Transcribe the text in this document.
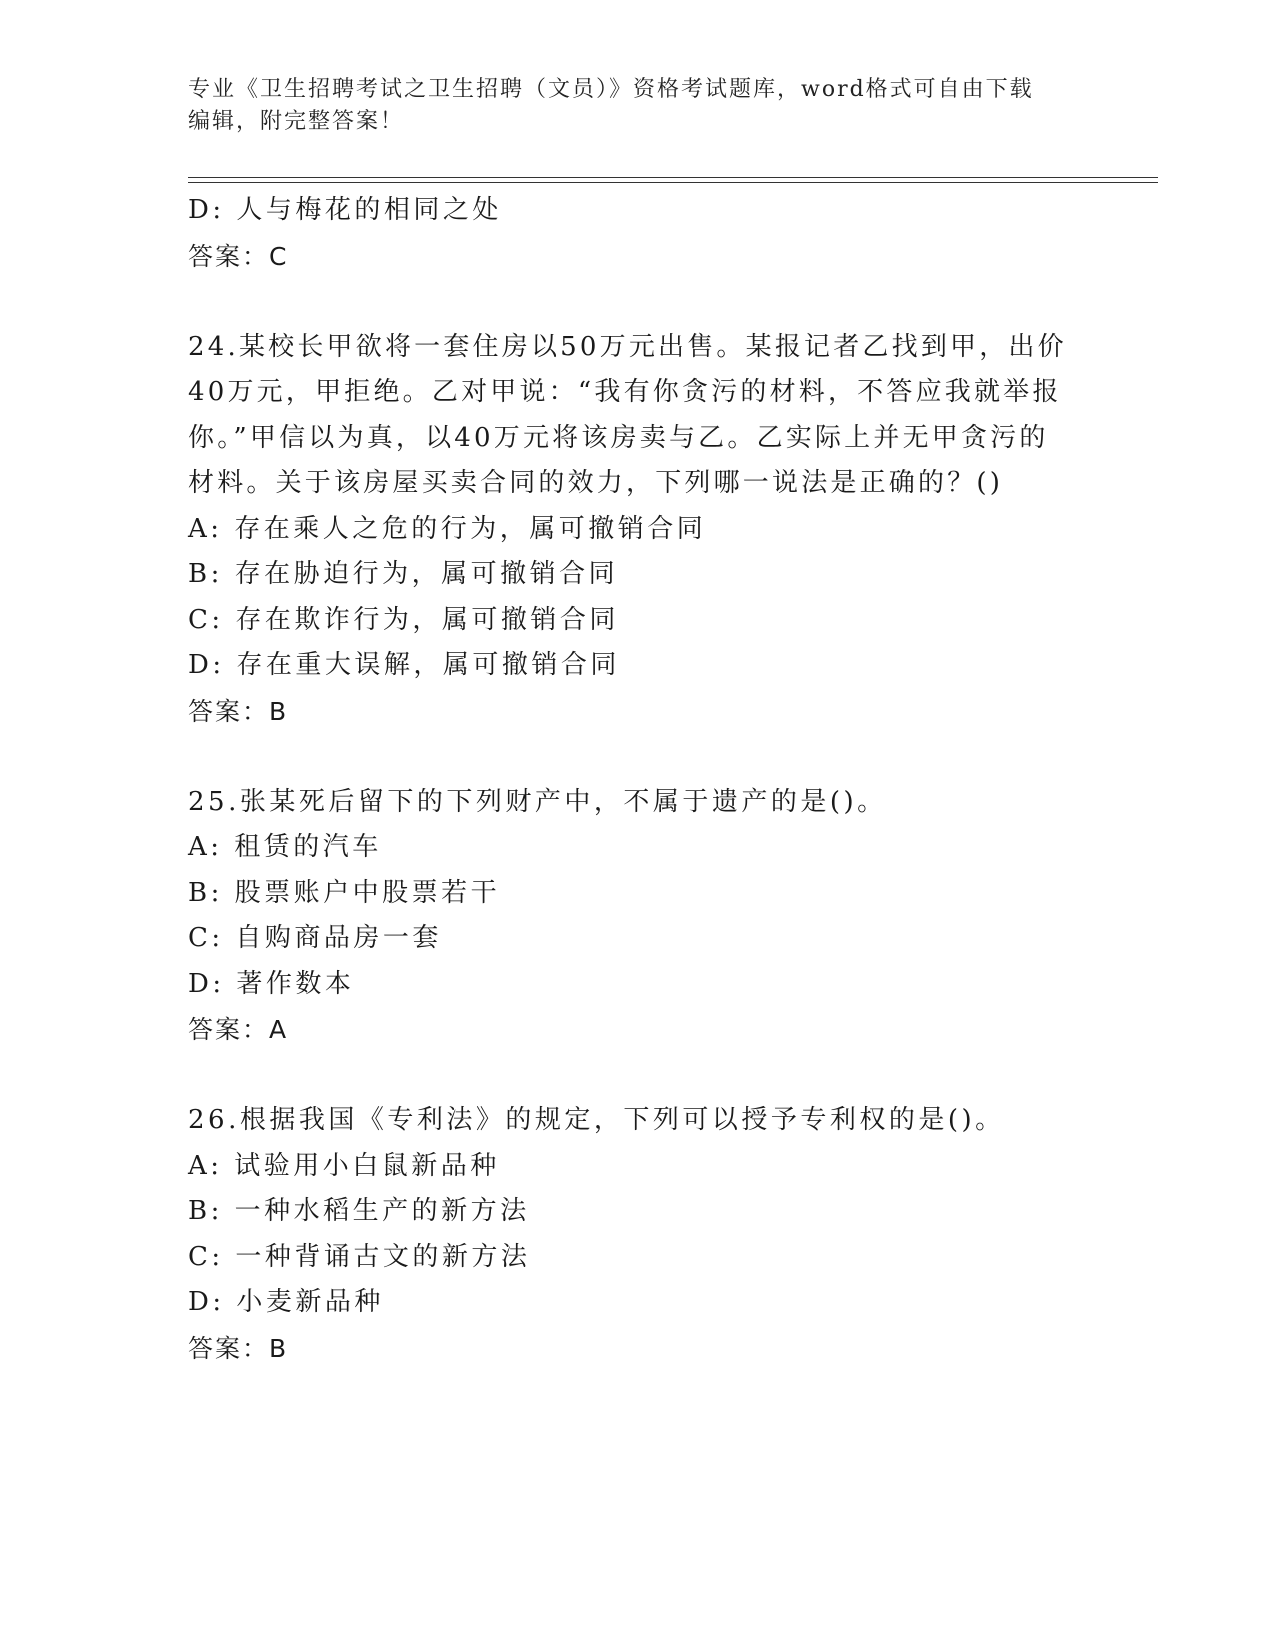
专业《卫生招聘考试之卫生招聘（文员）》资格考试题库，word格式可自由下载
编辑，附完整答案！
D: 人与梅花的相同之处
答案：C
24.某校长甲欲将一套住房以50万元出售。某报记者乙找到甲，出价
40万元，甲拒绝。乙对甲说：“我有你贪污的材料，不答应我就举报
你。”甲信以为真，以40万元将该房卖与乙。乙实际上并无甲贪污的
材料。关于该房屋买卖合同的效力，下列哪一说法是正确的？()
A: 存在乘人之危的行为，属可撤销合同
B: 存在胁迫行为，属可撤销合同
C: 存在欺诈行为，属可撤销合同
D: 存在重大误解，属可撤销合同
答案：B
25.张某死后留下的下列财产中，不属于遗产的是()。
A: 租赁的汽车
B: 股票账户中股票若干
C: 自购商品房一套
D: 著作数本
答案：A
26.根据我国《专利法》的规定，下列可以授予专利权的是()。
A: 试验用小白鼠新品种
B: 一种水稻生产的新方法
C: 一种背诵古文的新方法
D: 小麦新品种
答案：B
